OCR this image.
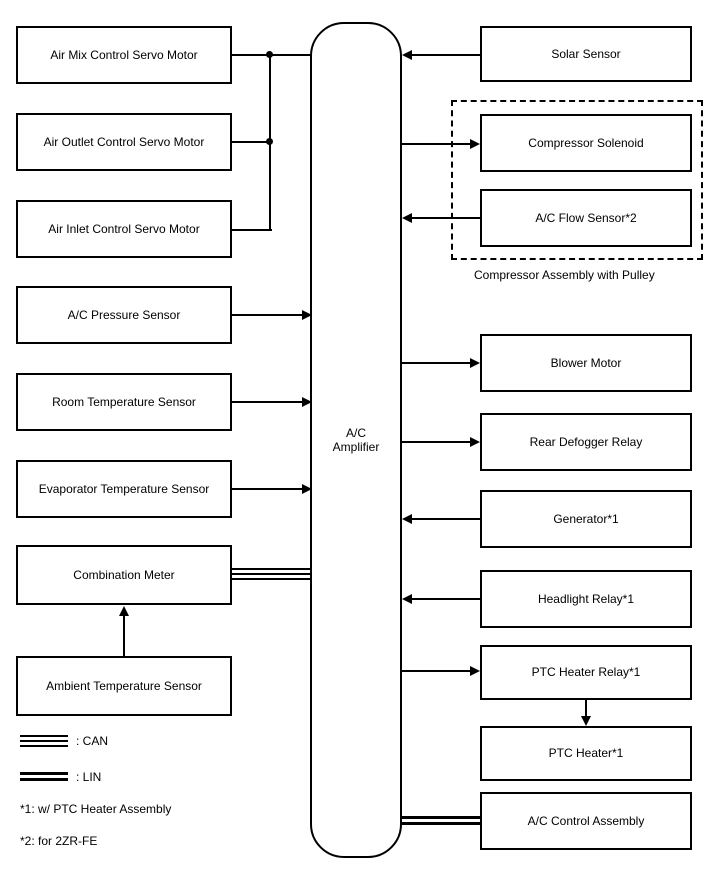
Compressor Assembly with Pulley
A/C
Amplifier
Air Mix Control Servo Motor
Air Outlet Control Servo Motor
Air Inlet Control Servo Motor
A/C Pressure Sensor
Room Temperature Sensor
Evaporator Temperature Sensor
Combination Meter
Ambient Temperature Sensor
Solar Sensor
Compressor Solenoid
A/C Flow Sensor*2
Blower Motor
Rear Defogger Relay
Generator*1
Headlight Relay*1
PTC Heater Relay*1
PTC Heater*1
A/C Control Assembly
: CAN
: LIN
*1: w/ PTC Heater Assembly
*2: for 2ZR-FE
